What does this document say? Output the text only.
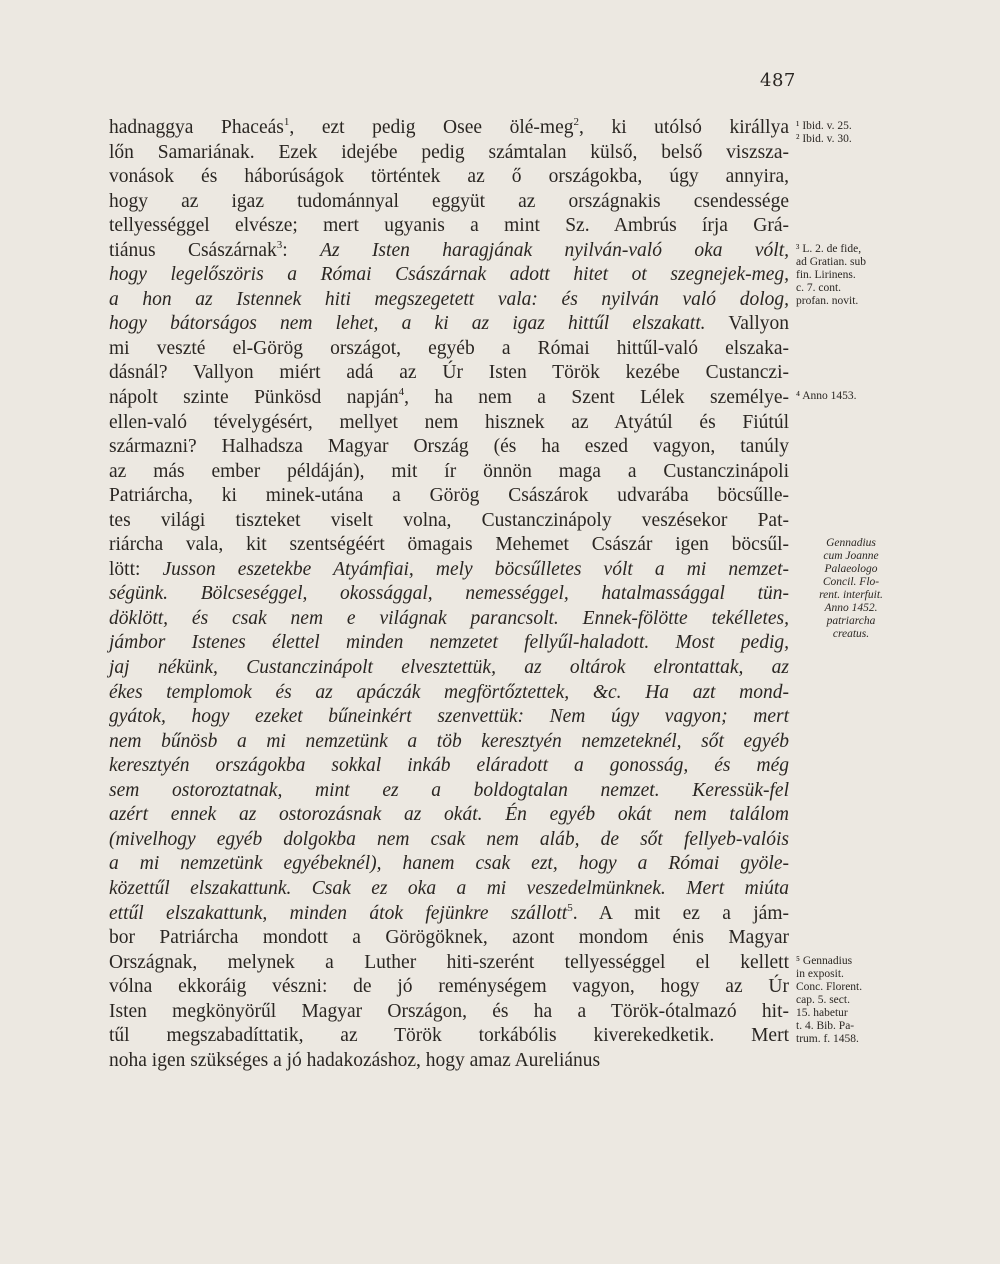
487
hadnaggya Phaceás$^1$, ezt pedig Osee ölé-meg$^2$, ki utólsó királlya
lőn Samariának. Ezek idejébe pedig számtalan külső, belső viszsza-
vonások és háborúságok történtek az ő országokba, úgy annyira,
hogy az igaz tudománnyal eggyüt az országnakis csendessége
tellyességgel elvésze; mert ugyanis a mint Sz. Ambrús írja Grá-
tiánus Császárnak$^3$: Az Isten haragjának nyilván-való oka vólt,
hogy legelőszöris a Római Császárnak adott hitet ot szegnejek-meg,
a hon az Istennek hiti megszegetett vala: és nyilván való dolog,
hogy bátorságos nem lehet, a ki az igaz hittűl elszakatt. Vallyon
mi veszté el-Görög országot, egyéb a Római hittűl-való elszaka-
dásnál? Vallyon miért adá az Úr Isten Török kezébe Custanczi-
nápolt szinte Pünkösd napján$^4$, ha nem a Szent Lélek személye-
ellen-való tévelygésért, mellyet nem hisznek az Atyátúl és Fiútúl
származni? Halhadsza Magyar Ország (és ha eszed vagyon, tanúly
az más ember példáján), mit ír önnön maga a Custanczinápoli
Patriárcha, ki minek-utána a Görög Császárok udvarába böcsűlle-
tes világi tiszteket viselt volna, Custanczinápoly veszésekor Pat-
riárcha vala, kit szentségéért ömagais Mehemet Császár igen böcsűl-
lött: Jusson eszetekbe Atyámfiai, mely böcsűlletes vólt a mi nemzet-
ségünk. Bölcseséggel, okossággal, nemességgel, hatalmassággal tün-
döklött, és csak nem e világnak parancsolt. Ennek-fölötte tekélletes,
jámbor Istenes élettel minden nemzetet fellyűl-haladott. Most pedig,
jaj nékünk, Custanczinápolt elvesztettük, az oltárok elrontattak, az
ékes templomok és az apáczák megförtőztettek, &c. Ha azt mond-
gyátok, hogy ezeket bűneinkért szenvettük: Nem úgy vagyon; mert
nem bűnösb a mi nemzetünk a töb keresztyén nemzeteknél, sőt egyéb
keresztyén országokba sokkal inkáb eláradott a gonosság, és még
sem ostoroztatnak, mint ez a boldogtalan nemzet. Keressük-fel
azért ennek az ostorozásnak az okát. Én egyéb okát nem találom
(mivelhogy egyéb dolgokba nem csak nem aláb, de sőt fellyeb-valóis
a mi nemzetünk egyébeknél), hanem csak ezt, hogy a Római gyöle-
közettűl elszakattunk. Csak ez oka a mi veszedelmünknek. Mert miúta
ettűl elszakattunk, minden átok fejünkre szállott$^5$. A mit ez a jám-
bor Patriárcha mondott a Görögöknek, azont mondom énis Magyar
Országnak, melynek a Luther hiti-szerént tellyességgel el kellett
vólna ekkoráig vészni: de jó reménységem vagyon, hogy az Úr
Isten megkönyörűl Magyar Országon, és ha a Török-ótalmazó hit-
tűl megszabadíttatik, az Török torkábólis kiverekedketik. Mert
noha igen szükséges a jó hadakozáshoz, hogy amaz Aureliánus
¹ Ibid. v. 25.
² Ibid. v. 30.
³ L. 2. de fide,
ad Gratian. sub
fin. Lirinens.
c. 7. cont.
profan. novit.
⁴ Anno 1453.
Gennadius
cum Joanne
Palaeologo
Concil. Flo-
rent. interfuit.
Anno 1452.
patriarcha
creatus.
⁵ Gennadius
in exposit.
Conc. Florent.
cap. 5. sect.
15. habetur
t. 4. Bib. Pa-
trum. f. 1458.
